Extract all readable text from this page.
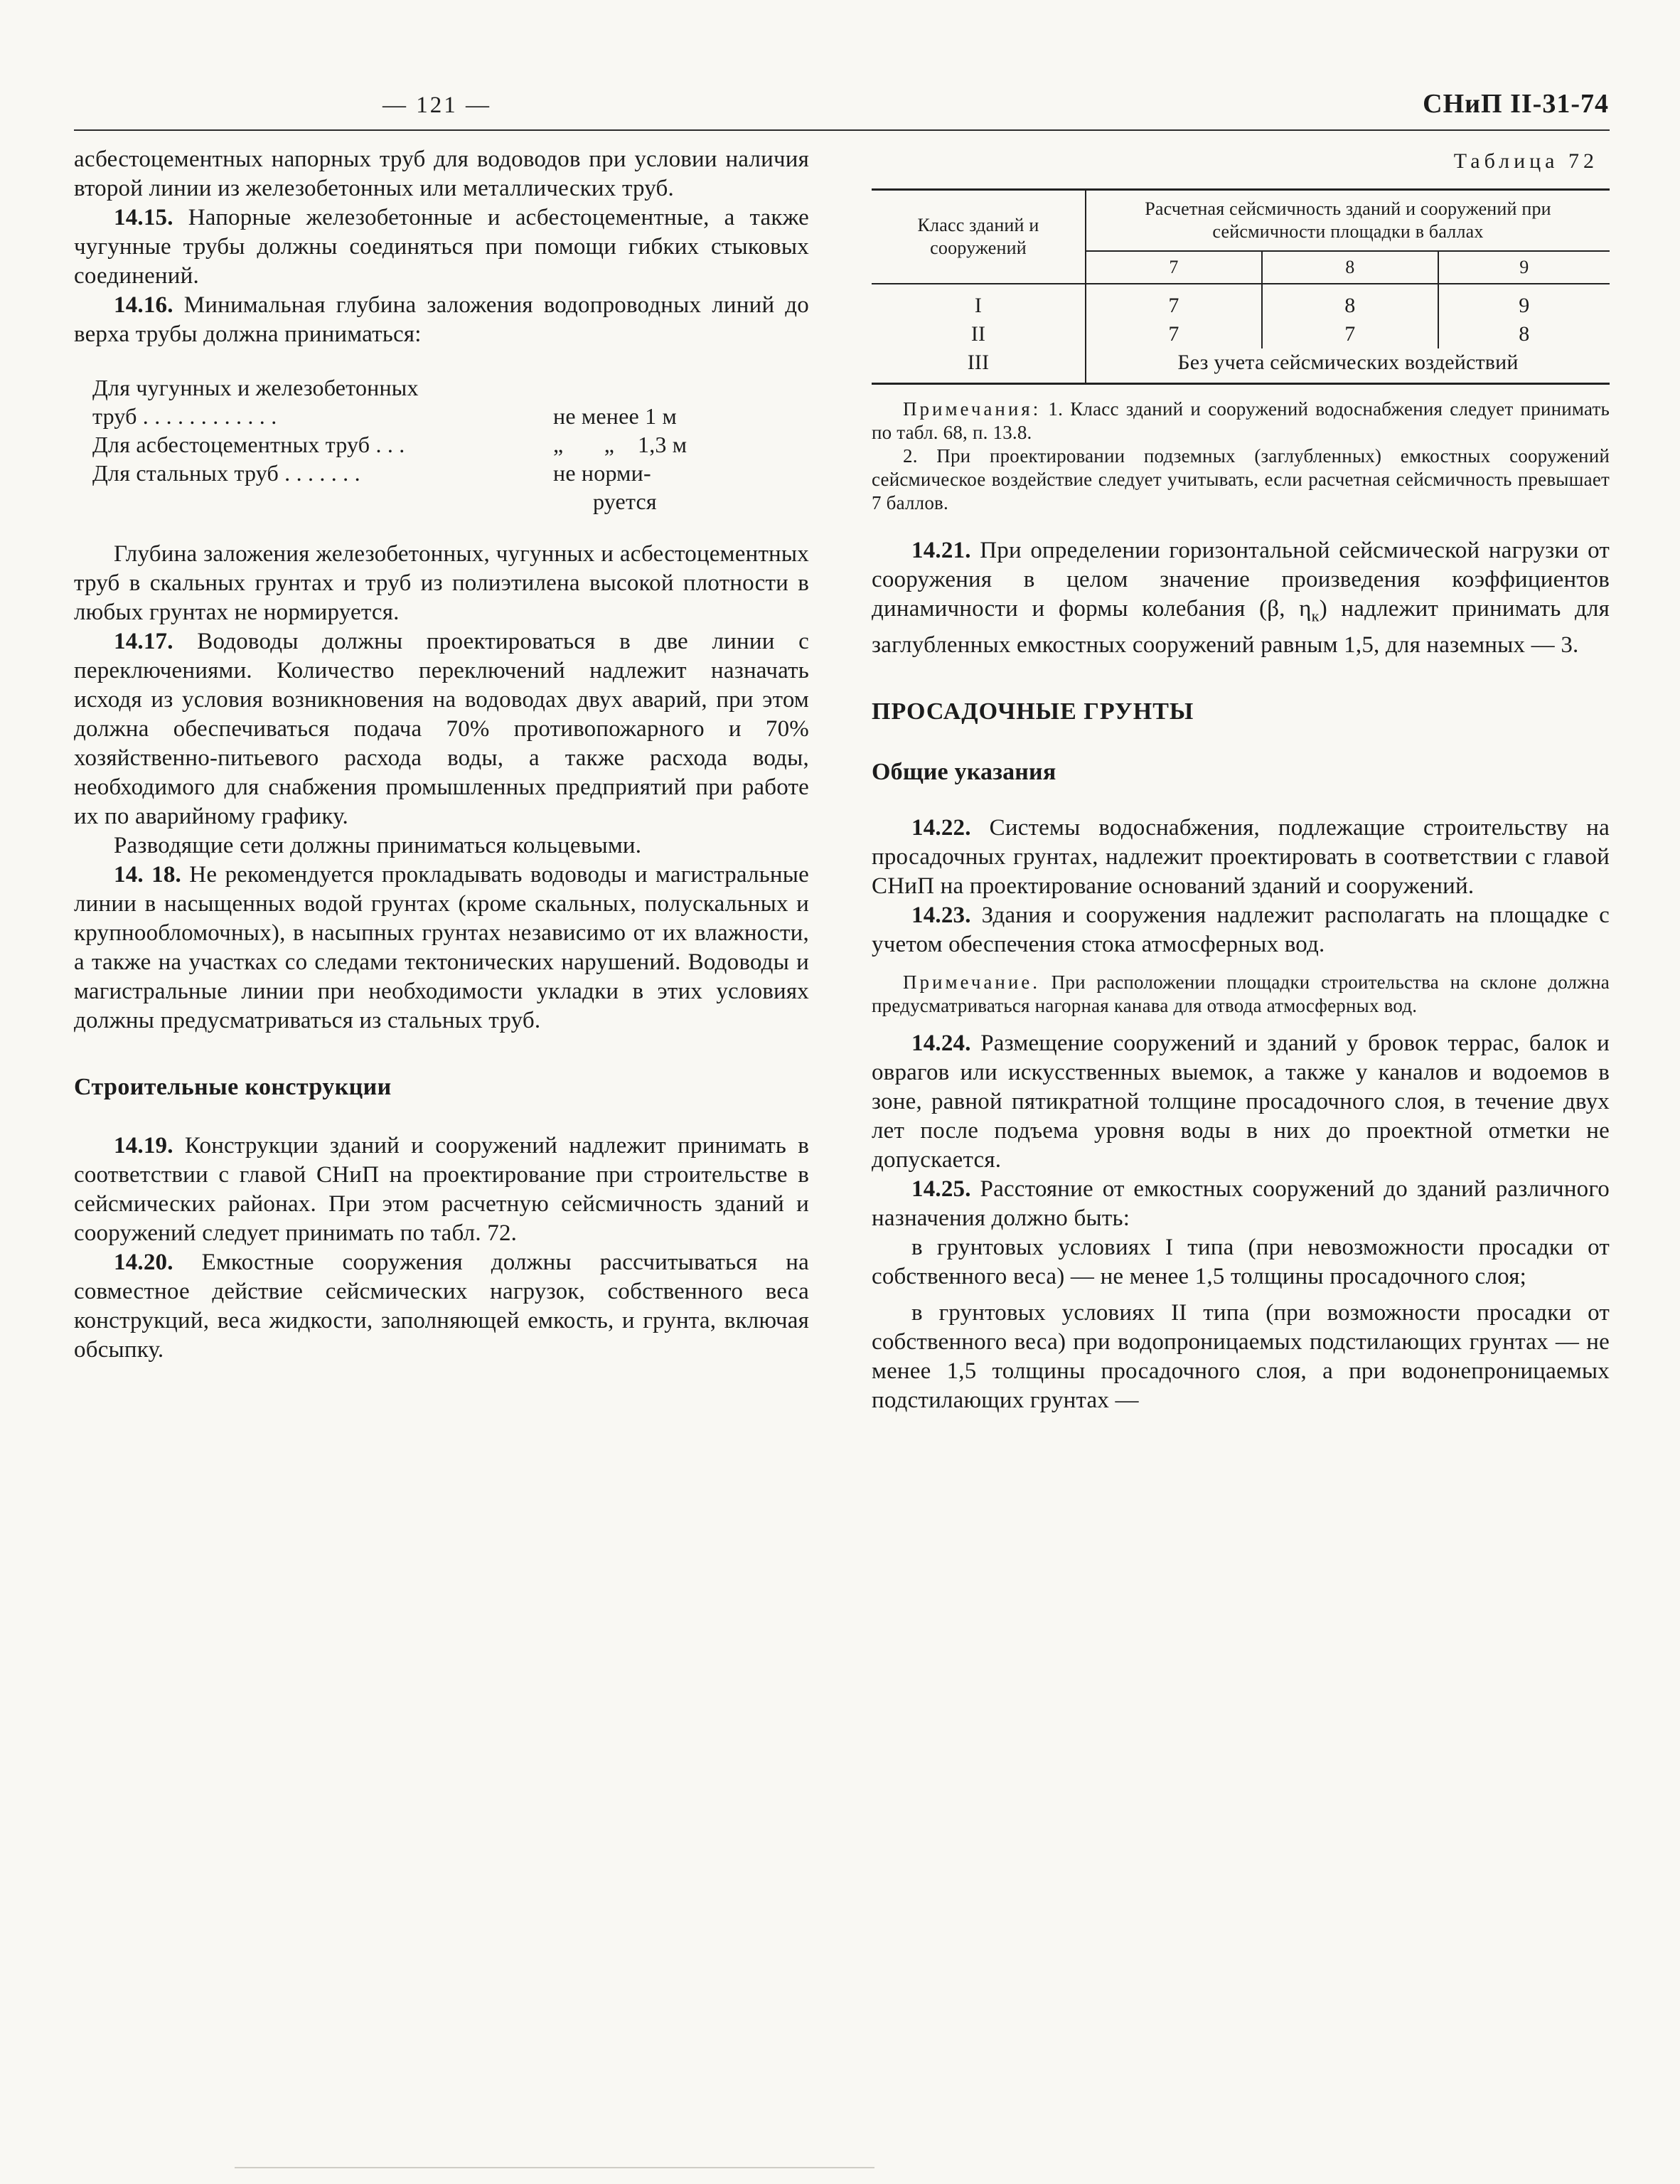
— 121 —	СНиП II-31-74

асбестоцементных напорных труб для водоводов при условии наличия второй линии из железобетонных или металлических труб.

14.15. Напорные железобетонные и асбестоцементные, а также чугунные трубы должны соединяться при помощи гибких стыковых соединений.

14.16. Минимальная глубина заложения водопроводных линий до верха трубы должна приниматься:

Для чугунных и железобетонных
труб . . . . . . . . . . . .	не менее 1 м
Для асбестоцементных труб . . .	„       „    1,3 м
Для стальных труб . . . . . . .	не норми-
руется

Глубина заложения железобетонных, чугунных и асбестоцементных труб в скальных грунтах и труб из полиэтилена высокой плотности в любых грунтах не нормируется.

14.17. Водоводы должны проектироваться в две линии с переключениями. Количество переключений надлежит назначать исходя из условия возникновения на водоводах двух аварий, при этом должна обеспечиваться подача 70% противопожарного и 70% хозяйственно-питьевого расхода воды, а также расхода воды, необходимого для снабжения промышленных предприятий при работе их по аварийному графику.

Разводящие сети должны приниматься кольцевыми.

14. 18. Не рекомендуется прокладывать водоводы и магистральные линии в насыщенных водой грунтах (кроме скальных, полускальных и крупнообломочных), в насыпных грунтах независимо от их влажности, а также на участках со следами тектонических нарушений. Водоводы и магистральные линии при необходимости укладки в этих условиях должны предусматриваться из стальных труб.

Строительные конструкции

14.19. Конструкции зданий и сооружений надлежит принимать в соответствии с главой СНиП на проектирование при строительстве в сейсмических районах. При этом расчетную сейсмичность зданий и сооружений следует принимать по табл. 72.

14.20. Емкостные сооружения должны рассчитываться на совместное действие сейсмических нагрузок, собственного веса конструкций, веса жидкости, заполняющей емкость, и грунта, включая обсыпку.

Таблица 72
Класс зданий и сооружений	Расчетная сейсмичность зданий и сооружений при сейсмичности площадки в баллах		
	7	8	9
I	7	8	9
II	7	7	8
III	Без учета сейсмических воздействий		

Примечания: 1. Класс зданий и сооружений водоснабжения следует принимать по табл. 68, п. 13.8.

2. При проектировании подземных (заглубленных) емкостных сооружений сейсмическое воздействие следует учитывать, если расчетная сейсмичность превышает 7 баллов.

14.21. При определении горизонтальной сейсмической нагрузки от сооружения в целом значение произведения коэффициентов динамичности и формы колебания (β, $\eta_к$) надлежит принимать для заглубленных емкостных сооружений равным 1,5, для наземных — 3.

ПРОСАДОЧНЫЕ ГРУНТЫ
Общие указания

14.22. Системы водоснабжения, подлежащие строительству на просадочных грунтах, надлежит проектировать в соответствии с главой СНиП на проектирование оснований зданий и сооружений.

14.23. Здания и сооружения надлежит располагать на площадке с учетом обеспечения стока атмосферных вод.

Примечание. При расположении площадки строительства на склоне должна предусматриваться нагорная канава для отвода атмосферных вод.

14.24. Размещение сооружений и зданий у бровок террас, балок и оврагов или искусственных выемок, а также у каналов и водоемов в зоне, равной пятикратной толщине просадочного слоя, в течение двух лет после подъема уровня воды в них до проектной отметки не допускается.

14.25. Расстояние от емкостных сооружений до зданий различного назначения должно быть:

в грунтовых условиях I типа (при невозможности просадки от собственного веса) — не менее 1,5 толщины просадочного слоя;

в грунтовых условиях II типа (при возможности просадки от собственного веса) при водопроницаемых подстилающих грунтах — не менее 1,5 толщины просадочного слоя, а при водонепроницаемых подстилающих грунтах —
